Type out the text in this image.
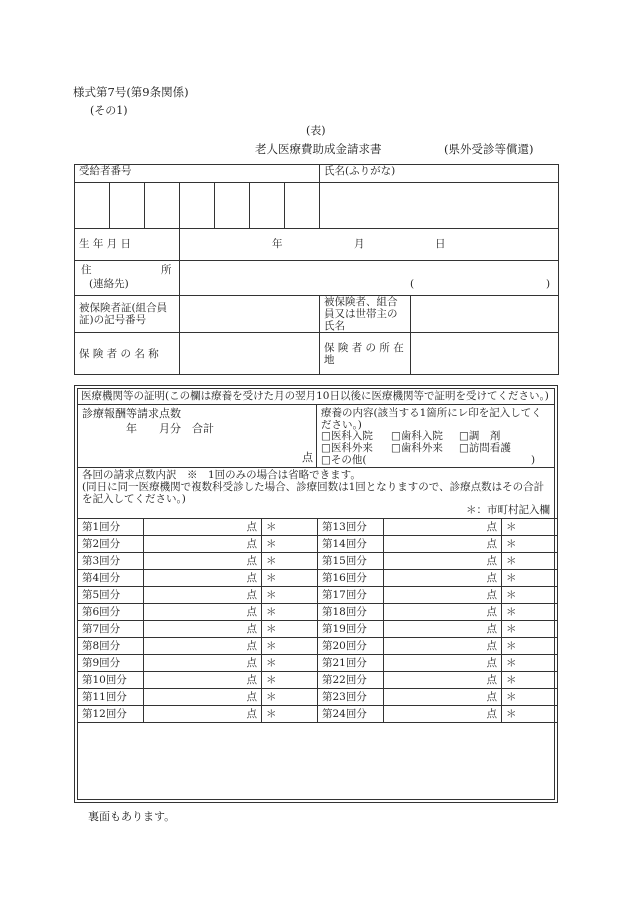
様式第7号(第9条関係)
(その1)
(表)
老人医療費助成金請求書	(県外受診等償還)
受給者番号							氏名(ふりがな)	

生 年 月 日			年 月 日					

住 所
(連絡先)			( )					

被保険者証(組合員証)の記号番号							被保険者、組合員又は世帯主の氏名	
保 険 者 の 名 称							保 険 者 の 所 在 地	
医療機関等の証明(この欄は療養を受けた月の翌月10日以後に医療機関等で証明を受けてください。)
診療報酬等請求点数
年　　月分　合計
点
療養の内容(該当する1箇所にレ印を記入してください。)
□医科入院 □歯科入院 □調　剤
□医科外来 □歯科外来 □訪問看護
□その他(	)
各回の請求点数内訳　※　1回のみの場合は省略できます。
(同日に同一医療機関で複数科受診した場合、診療回数は1回となりますので、診療点数はその合計を記入してください。)
＊：市町村記入欄
第1回分	点	＊	第13回分	点	＊
第2回分	点	＊	第14回分	点	＊
第3回分	点	＊	第15回分	点	＊
第4回分	点	＊	第16回分	点	＊
第5回分	点	＊	第17回分	点	＊
第6回分	点	＊	第18回分	点	＊
第7回分	点	＊	第19回分	点	＊
第8回分	点	＊	第20回分	点	＊
第9回分	点	＊	第21回分	点	＊
第10回分	点	＊	第22回分	点	＊
第11回分	点	＊	第23回分	点	＊
第12回分	点	＊	第24回分	点	＊
裏面もあります。
